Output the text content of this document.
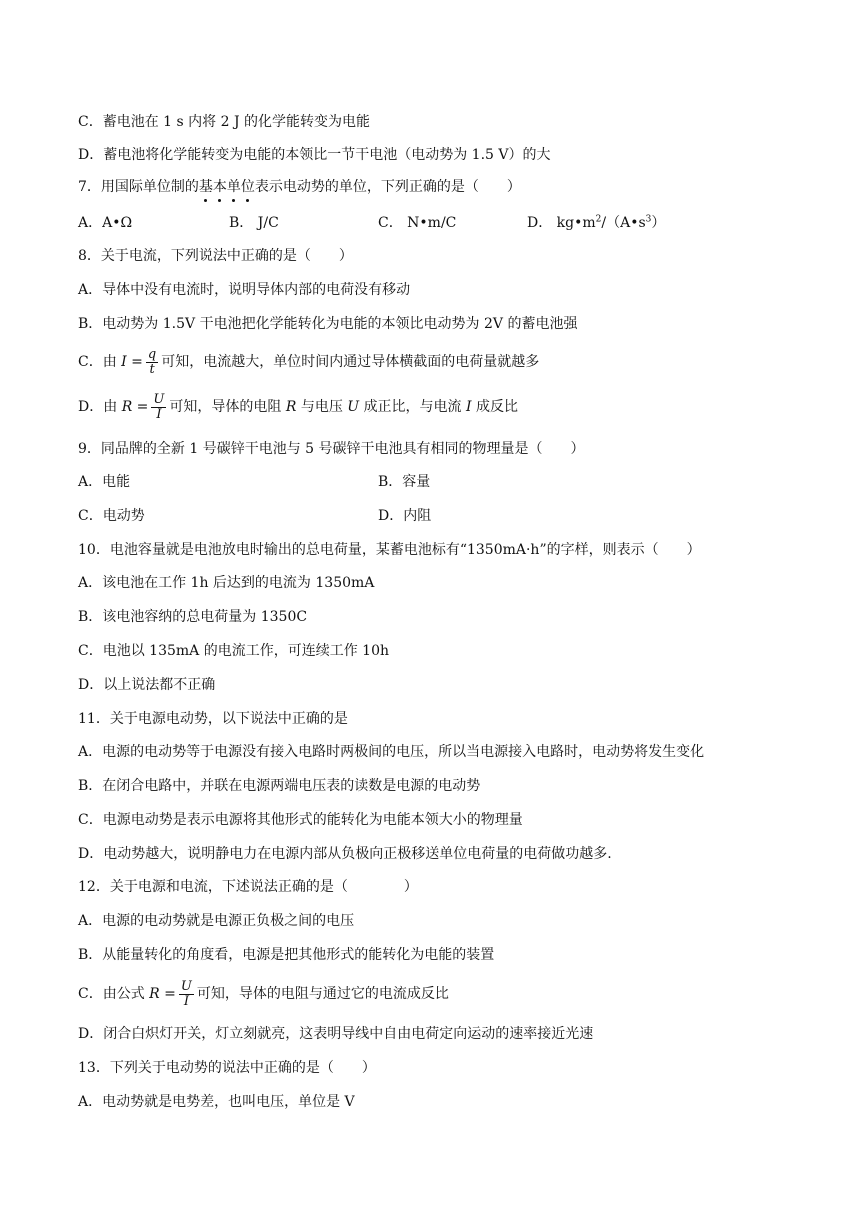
C．蓄电池在 1 s 内将 2 J 的化学能转变为电能
D．蓄电池将化学能转变为电能的本领比一节干电池（电动势为 1.5 V）的大
7．用国际单位制的基本单位表示电动势的单位，下列正确的是（　　）
A．A•Ω	B． J/C	C． N•m/C	D． $kg•m^2/(A•s^3)$
8．关于电流，下列说法中正确的是（　　）
A．导体中没有电流时，说明导体内部的电荷没有移动
B．电动势为 1.5V 干电池把化学能转化为电能的本领比电动势为 2V 的蓄电池强
C．由 $I = \frac{q}{t}$ 可知，电流越大，单位时间内通过导体横截面的电荷量就越多
D．由 $R = \frac{U}{I}$ 可知，导体的电阻 R 与电压 U 成正比，与电流 I 成反比
9．同品牌的全新 1 号碳锌干电池与 5 号碳锌干电池具有相同的物理量是（　　）
A．电能	B．容量
C．电动势	D．内阻
10．电池容量就是电池放电时输出的总电荷量，某蓄电池标有“1350mA·h”的字样，则表示（　　）
A．该电池在工作 1h 后达到的电流为 1350mA
B．该电池容纳的总电荷量为 1350C
C．电池以 135mA 的电流工作，可连续工作 10h
D．以上说法都不正确
11．关于电源电动势，以下说法中正确的是
A．电源的电动势等于电源没有接入电路时两极间的电压，所以当电源接入电路时，电动势将发生变化
B．在闭合电路中，并联在电源两端电压表的读数是电源的电动势
C．电源电动势是表示电源将其他形式的能转化为电能本领大小的物理量
D．电动势越大，说明静电力在电源内部从负极向正极移送单位电荷量的电荷做功越多.
12．关于电源和电流，下述说法正确的是（　　　　）
A．电源的电动势就是电源正负极之间的电压
B．从能量转化的角度看，电源是把其他形式的能转化为电能的装置
C．由公式 $R = \frac{U}{I}$ 可知，导体的电阻与通过它的电流成反比
D．闭合白炽灯开关，灯立刻就亮，这表明导线中自由电荷定向运动的速率接近光速
13．下列关于电动势的说法中正确的是（　　）
A．电动势就是电势差，也叫电压，单位是 V
